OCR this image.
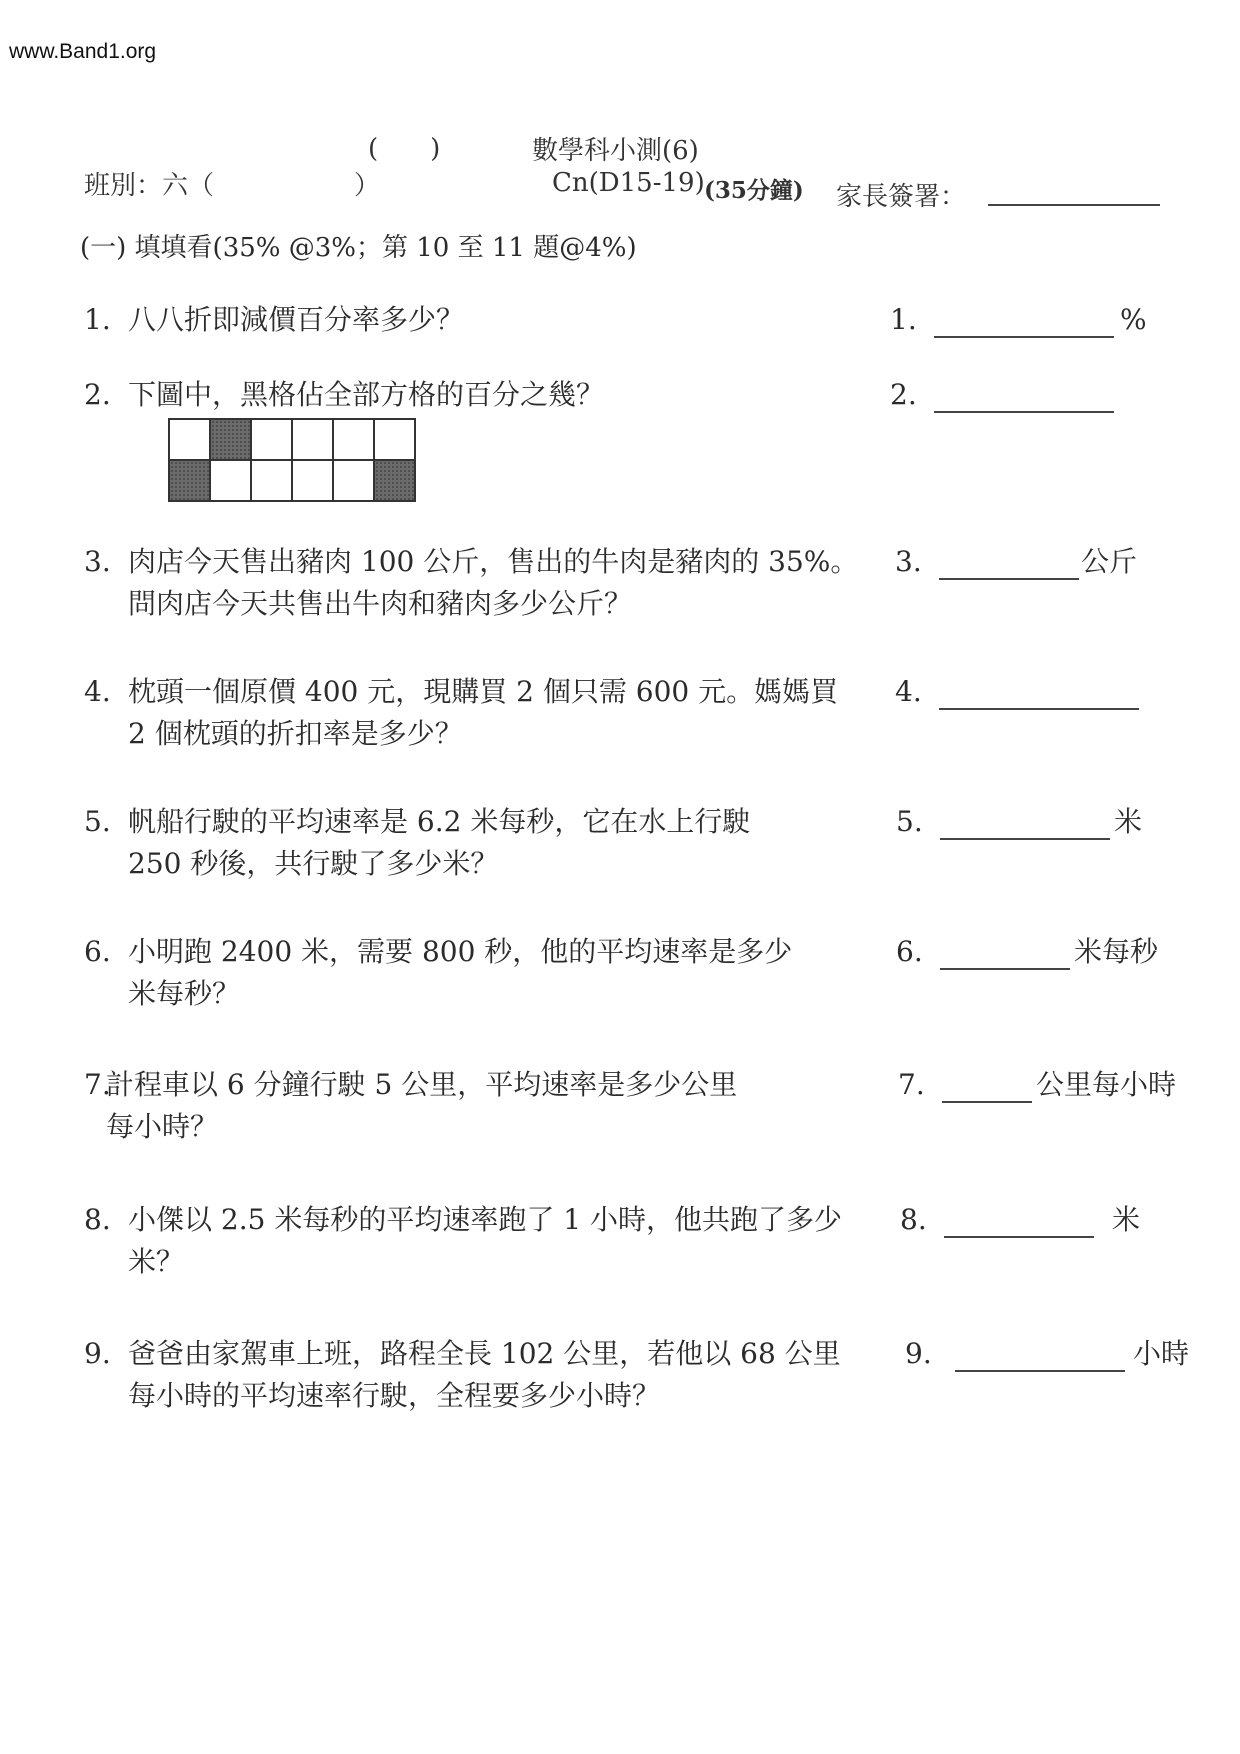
www.Band1.org
(　　)	數學科小測(6)
班別：六（	）	Cn(D15-19) (35分鐘) 家長簽署：
(一) 填填看(35% @3%；第 10 至 11 題@4%)
1. 八八折即減價百分率多少？	1.	%
2. 下圖中，黑格佔全部方格的百分之幾？	2.
3. 肉店今天售出豬肉 100 公斤，售出的牛肉是豬肉的 35%。
問肉店今天共售出牛肉和豬肉多少公斤？
3.	公斤
4. 枕頭一個原價 400 元，現購買 2 個只需 600 元。媽媽買
2 個枕頭的折扣率是多少？
4.
5. 帆船行駛的平均速率是 6.2 米每秒，它在水上行駛
250 秒後，共行駛了多少米？
5.	米
6. 小明跑 2400 米，需要 800 秒，他的平均速率是多少
米每秒？
6.	米每秒
7.
計程車以 6 分鐘行駛 5 公里，平均速率是多少公里
每小時？
7.	公里每小時
8. 小傑以 2.5 米每秒的平均速率跑了 1 小時，他共跑了多少
米？
8.	米
9. 爸爸由家駕車上班，路程全長 102 公里，若他以 68 公里
每小時的平均速率行駛，全程要多少小時？
9.	小時
